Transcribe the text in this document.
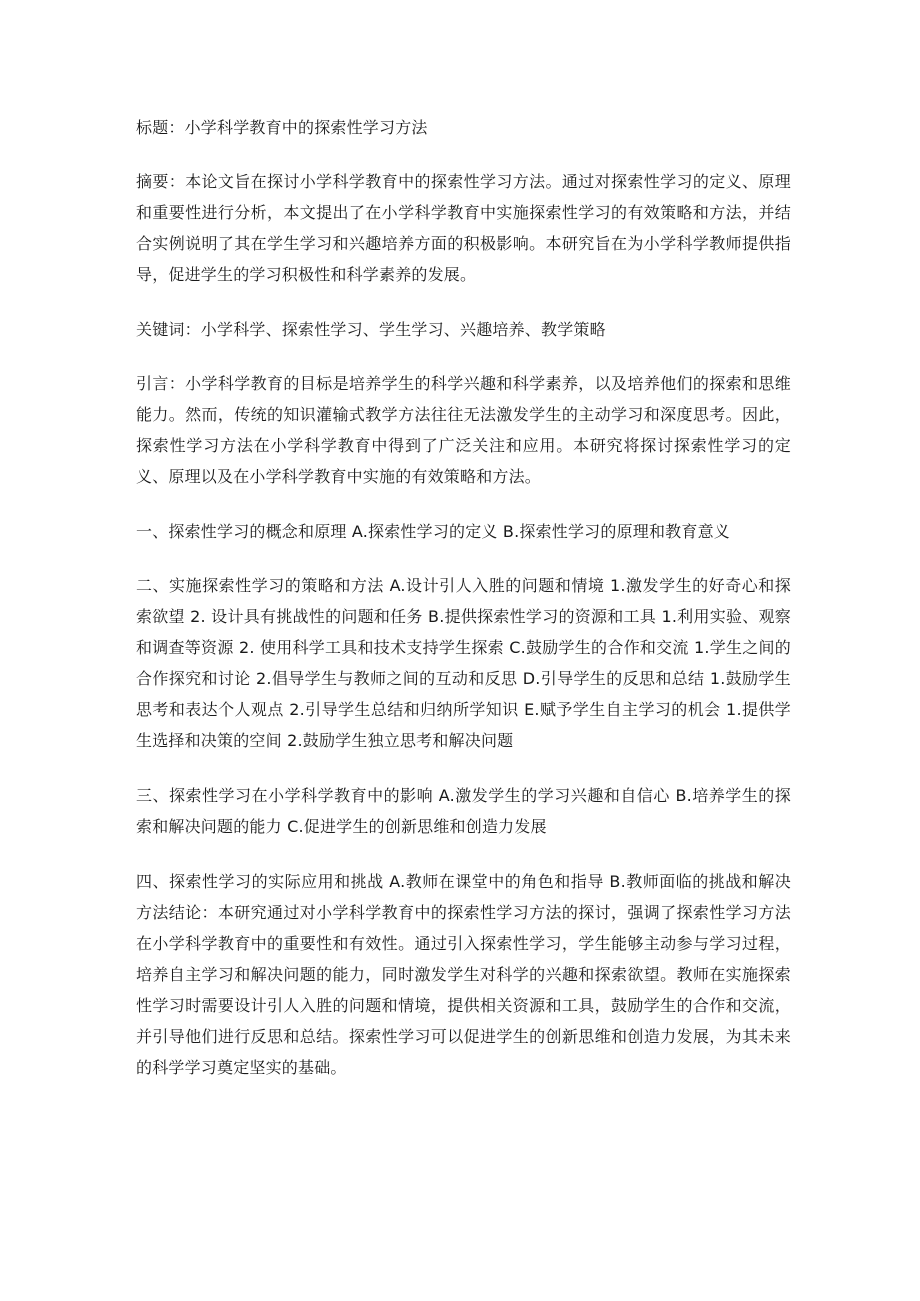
标题：小学科学教育中的探索性学习方法

摘要：本论文旨在探讨小学科学教育中的探索性学习方法。通过对探索性学习的定义、原理和重要性进行分析，本文提出了在小学科学教育中实施探索性学习的有效策略和方法，并结合实例说明了其在学生学习和兴趣培养方面的积极影响。本研究旨在为小学科学教师提供指导，促进学生的学习积极性和科学素养的发展。

关键词：小学科学、探索性学习、学生学习、兴趣培养、教学策略

引言：小学科学教育的目标是培养学生的科学兴趣和科学素养，以及培养他们的探索和思维能力。然而，传统的知识灌输式教学方法往往无法激发学生的主动学习和深度思考。因此，探索性学习方法在小学科学教育中得到了广泛关注和应用。本研究将探讨探索性学习的定义、原理以及在小学科学教育中实施的有效策略和方法。

一、探索性学习的概念和原理 A.探索性学习的定义 B.探索性学习的原理和教育意义

二、实施探索性学习的策略和方法 A.设计引人入胜的问题和情境 1.激发学生的好奇心和探索欲望 2. 设计具有挑战性的问题和任务 B.提供探索性学习的资源和工具 1.利用实验、观察和调查等资源 2. 使用科学工具和技术支持学生探索 C.鼓励学生的合作和交流 1.学生之间的合作探究和讨论 2.倡导学生与教师之间的互动和反思 D.引导学生的反思和总结 1.鼓励学生思考和表达个人观点 2.引导学生总结和归纳所学知识 E.赋予学生自主学习的机会 1.提供学生选择和决策的空间 2.鼓励学生独立思考和解决问题

三、探索性学习在小学科学教育中的影响 A.激发学生的学习兴趣和自信心 B.培养学生的探索和解决问题的能力 C.促进学生的创新思维和创造力发展

四、探索性学习的实际应用和挑战 A.教师在课堂中的角色和指导 B.教师面临的挑战和解决方法结论：本研究通过对小学科学教育中的探索性学习方法的探讨，强调了探索性学习方法在小学科学教育中的重要性和有效性。通过引入探索性学习，学生能够主动参与学习过程，培养自主学习和解决问题的能力，同时激发学生对科学的兴趣和探索欲望。教师在实施探索性学习时需要设计引人入胜的问题和情境，提供相关资源和工具，鼓励学生的合作和交流，并引导他们进行反思和总结。探索性学习可以促进学生的创新思维和创造力发展，为其未来的科学学习奠定坚实的基础。
